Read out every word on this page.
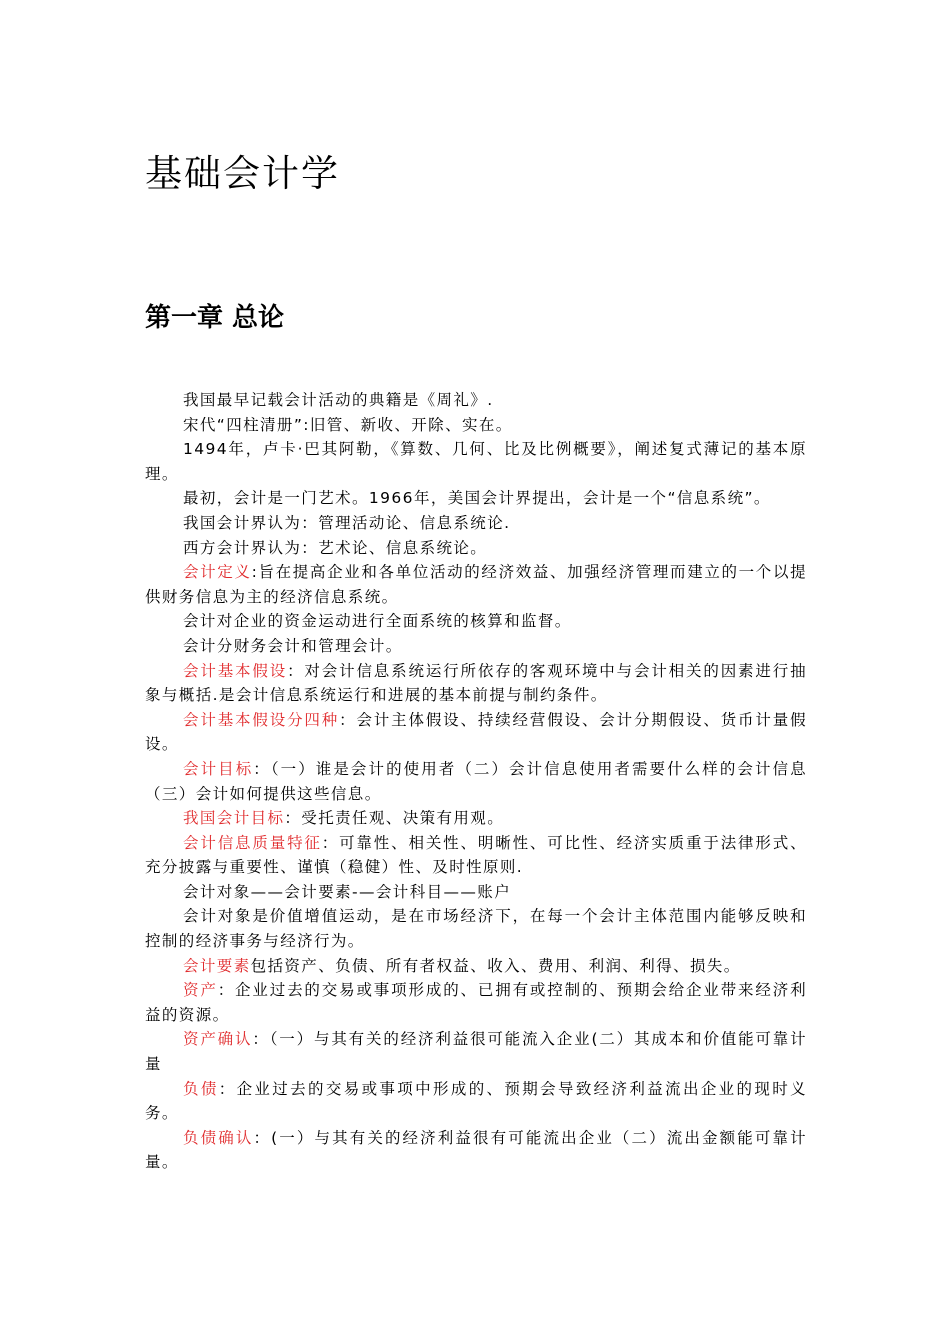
基础会计学
第一章 总论

我国最早记载会计活动的典籍是《周礼》.

宋代“四柱清册”:旧管、新收、开除、实在。

1494年，卢卡·巴其阿勒，《算数、几何、比及比例概要》，阐述复式薄记的基本原理。

最初，会计是一门艺术。1966年，美国会计界提出，会计是一个“信息系统”。

我国会计界认为：管理活动论、信息系统论.

西方会计界认为：艺术论、信息系统论。

会计定义:旨在提高企业和各单位活动的经济效益、加强经济管理而建立的一个以提供财务信息为主的经济信息系统。

会计对企业的资金运动进行全面系统的核算和监督。

会计分财务会计和管理会计。

会计基本假设：对会计信息系统运行所依存的客观环境中与会计相关的因素进行抽象与概括.是会计信息系统运行和进展的基本前提与制约条件。

会计基本假设分四种：会计主体假设、持续经营假设、会计分期假设、货币计量假设。

会计目标：（一）谁是会计的使用者（二）会计信息使用者需要什么样的会计信息（三）会计如何提供这些信息。

我国会计目标：受托责任观、决策有用观。

会计信息质量特征：可靠性、相关性、明晰性、可比性、经济实质重于法律形式、充分披露与重要性、谨慎（稳健）性、及时性原则.

会计对象——会计要素-—会计科目——账户

会计对象是价值增值运动，是在市场经济下，在每一个会计主体范围内能够反映和控制的经济事务与经济行为。

会计要素包括资产、负债、所有者权益、收入、费用、利润、利得、损失。

资产：企业过去的交易或事项形成的、已拥有或控制的、预期会给企业带来经济利益的资源。

资产确认：（一）与其有关的经济利益很可能流入企业(二）其成本和价值能可靠计量

负债：企业过去的交易或事项中形成的、预期会导致经济利益流出企业的现时义务。

负债确认：(一）与其有关的经济利益很有可能流出企业（二）流出金额能可靠计量。
